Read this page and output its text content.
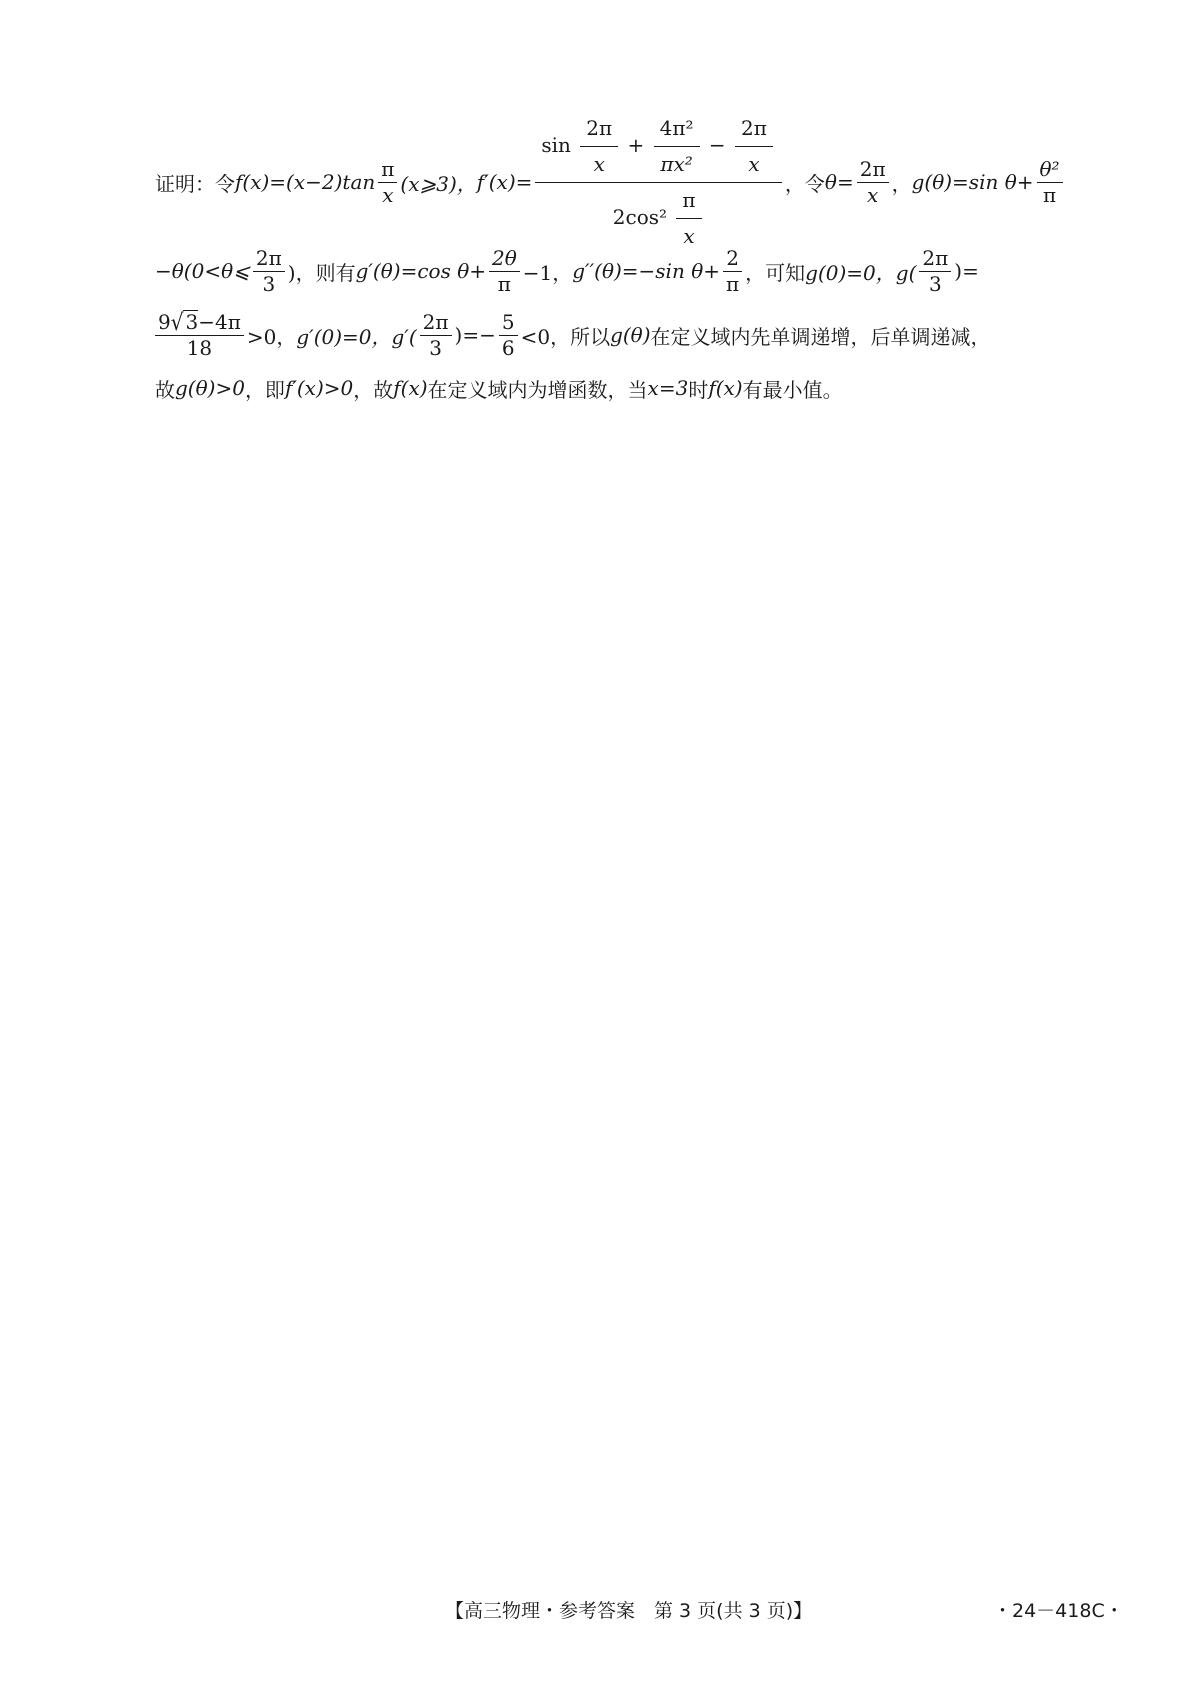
证明：令 $f(x)=(x-2)\tan \frac{\pi}{x}$ (x⩾3)， f′(x)=
$\sin \frac{2\pi}{x} + \frac{\text{4π²}}{\text{πx²}} - \frac{2\pi}{x}$
$2\cos^2 \frac{\pi}{x}$
，令 $\theta= \frac{2\pi}{x}$ ， g(θ)=sin $\theta+ \frac{\text{θ²}}{\pi}$
−θ(0<θ⩽ $\frac{2\pi}{3}$ )，则有 g′(θ)=cos $\theta+ \frac{2\theta}{\pi} -1$， g′′(θ)=−sin $\theta+ \frac{2}{\pi}$ ，可知 g(0)=0，$g( \frac{2\pi}{3}$ )=
$\frac{9√ 3-4\pi}{18} >0$， g′(0)=0，$g'( \frac{2\pi}{3}$ )=− $\frac{5}{6} <0$，所以 g(θ) 在定义域内先单调递增，后单调递减，
故 g(θ)>0 ，即 f′(x)>0 ，故 f(x) 在定义域内为增函数，当 x=3 时 f(x) 有最小值。
【高三物理・参考答案　第 3 页(共 3 页)】	・24－418C・
